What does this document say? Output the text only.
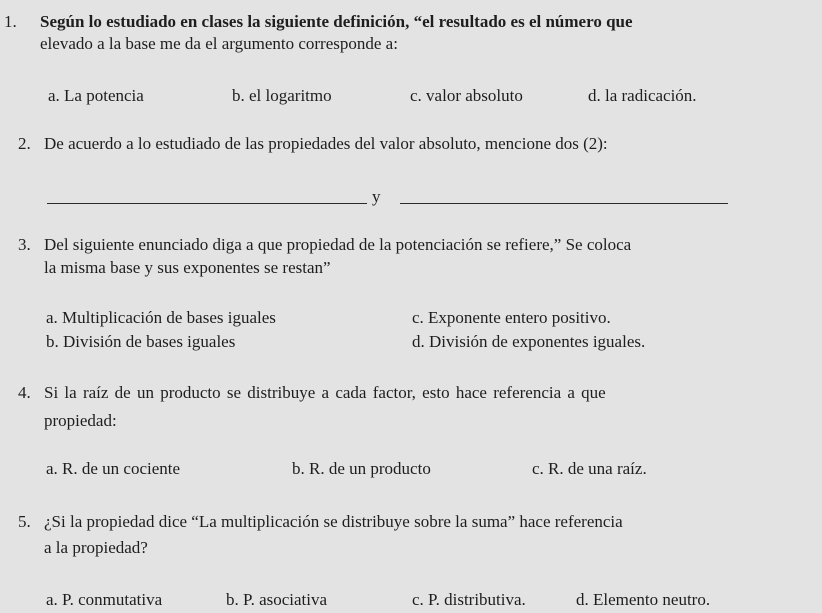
1. Según lo estudiado en clases la siguiente definición, “el resultado es el número que
elevado a la base me da el argumento corresponde a:
a. La potencia	b. el logaritmo	c. valor absoluto	d. la radicación.
2. De acuerdo a lo estudiado de las propiedades del valor absoluto, mencione dos (2):
y
3. Del siguiente enunciado diga a que propiedad de la potenciación se refiere,” Se coloca
la misma base y sus exponentes se restan”
a. Multiplicación de bases iguales	c. Exponente entero positivo.
b. División de bases iguales	d. División de exponentes iguales.
4. Si la raíz de un producto se distribuye a cada factor, esto hace referencia a que
propiedad:
a. R. de un cociente	b. R. de un producto	c. R. de una raíz.
5. ¿Si la propiedad dice “La multiplicación se distribuye sobre la suma” hace referencia
a la propiedad?
a. P. conmutativa	b. P. asociativa	c. P. distributiva.	d. Elemento neutro.
